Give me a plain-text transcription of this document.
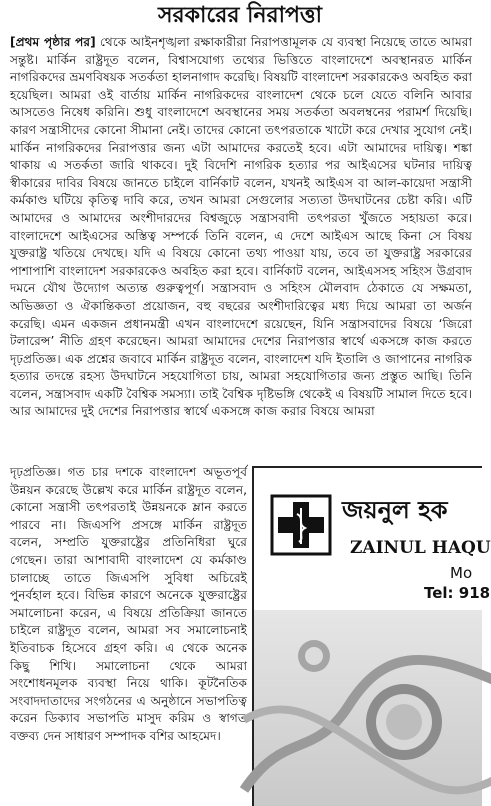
সরকারের নিরাপত্তা
[প্রথম পৃষ্ঠার পর] থেকে আইনশৃঙ্খলা রক্ষাকারীরা নিরাপত্তামূলক যে ব্যবস্থা নিয়েছে তাতে আমরা সন্তুষ্ট। মার্কিন রাষ্ট্রদূত বলেন, বিশ্বাসযোগ্য তথ্যের ভিত্তিতে বাংলাদেশে অবস্থানরত মার্কিন নাগরিকদের ভ্রমণবিষয়ক সতর্কতা হালনাগাদ করেছি। বিষয়টি বাংলাদেশ সরকারকেও অবহিত করা হয়েছিল। আমরা ওই বার্তায় মার্কিন নাগরিকদের বাংলাদেশ থেকে চলে যেতে বলিনি আবার আসতেও নিষেধ করিনি। শুধু বাংলাদেশে অবস্থানের সময় সতর্কতা অবলম্বনের পরামর্শ দিয়েছি। কারণ সন্ত্রাসীদের কোনো সীমানা নেই। তাদের কোনো তৎপরতাকে খাটো করে দেখার সুযোগ নেই। মার্কিন নাগরিকদের নিরাপত্তার জন্য এটা আমাদের করতেই হবে। এটা আমাদের দায়িত্ব। শঙ্কা থাকায় এ সতর্কতা জারি থাকবে। দুই বিদেশি নাগরিক হত্যার পর আইএসের ঘটনার দায়িত্ব স্বীকারের দাবির বিষয়ে জানতে চাইলে বার্নিকাট বলেন, যখনই আইএস বা আল-কায়েদা সন্ত্রাসী কর্মকাণ্ড ঘটিয়ে কৃতিত্ব দাবি করে, তখন আমরা সেগুলোর সত্যতা উদঘাটনের চেষ্টা করি। এটি আমাদের ও আমাদের অংশীদারদের বিশ্বজুড়ে সন্ত্রাসবাদী তৎপরতা খুঁজতে সহায়তা করে। বাংলাদেশে আইএসের অস্তিত্ব সম্পর্কে তিনি বলেন, এ দেশে আইএস আছে কিনা সে বিষয় যুক্তরাষ্ট্র খতিয়ে দেখছে। যদি এ বিষয়ে কোনো তথ্য পাওয়া যায়, তবে তা যুক্তরাষ্ট্র সরকারের পাশাপাশি বাংলাদেশ সরকারকেও অবহিত করা হবে। বার্নিকাট বলেন, আইএসসহ সহিংস উগ্রবাদ দমনে যৌথ উদ্যোগ অত্যন্ত গুরুত্বপূর্ণ। সন্ত্রাসবাদ ও সহিংস মৌলবাদ ঠেকাতে যে সক্ষমতা, অভিজ্ঞতা ও ঐকান্তিকতা প্রয়োজন, বহু বছরের অংশীদারিত্বের মধ্য দিয়ে আমরা তা অর্জন করেছি। এমন একজন প্রধানমন্ত্রী এখন বাংলাদেশে রয়েছেন, যিনি সন্ত্রাসবাদের বিষয়ে ‘জিরো টলারেন্স’ নীতি গ্রহণ করেছেন। আমরা আমাদের দেশের নিরাপত্তার স্বার্থে একসঙ্গে কাজ করতে দৃঢ়প্রতিজ্ঞ। এক প্রশ্নের জবাবে মার্কিন রাষ্ট্রদূত বলেন, বাংলাদেশ যদি ইতালি ও জাপানের নাগরিক হত্যার তদন্তে রহস্য উদঘাটনে সহযোগিতা চায়, আমরা সহযোগিতার জন্য প্রস্তুত আছি। তিনি বলেন, সন্ত্রাসবাদ একটি বৈশ্বিক সমস্যা। তাই বৈশ্বিক দৃষ্টিভঙ্গি থেকেই এ বিষয়টি সামাল দিতে হবে। আর আমাদের দুই দেশের নিরাপত্তার স্বার্থে একসঙ্গে কাজ করার বিষয়ে আমরা
দৃঢ়প্রতিজ্ঞ। গত চার দশকে বাংলাদেশ অভূতপূর্ব উন্নয়ন করেছে উল্লেখ করে মার্কিন রাষ্ট্রদূত বলেন, কোনো সন্ত্রাসী তৎপরতাই উন্নয়নকে ম্লান করতে পারবে না। জিএসপি প্রসঙ্গে মার্কিন রাষ্ট্রদূত বলেন, সম্প্রতি যুক্তরাষ্ট্রের প্রতিনিধিরা ঘুরে গেছেন। তারা আশাবাদী বাংলাদেশ যে কর্মকাণ্ড চালাচ্ছে তাতে জিএসপি সুবিধা অচিরেই পুনর্বহাল হবে। বিভিন্ন কারণে অনেকে যুক্তরাষ্ট্রের সমালোচনা করেন, এ বিষয়ে প্রতিক্রিয়া জানতে চাইলে রাষ্ট্রদূত বলেন, আমরা সব সমালোচনাই ইতিবাচক হিসেবে গ্রহণ করি। এ থেকে অনেক কিছু শিখি। সমালোচনা থেকে আমরা সংশোধনমূলক ব্যবস্থা নিয়ে থাকি। কূটনৈতিক সংবাদদাতাদের সংগঠনের এ অনুষ্ঠানে সভাপতিত্ব করেন ডিক্যাব সভাপতি মাসুদ করিম ও স্বাগত বক্তব্য দেন সাধারণ সম্পাদক বশির আহমেদ।
জয়নুল হক
ZAINUL HAQU
Mo
Tel: 918
